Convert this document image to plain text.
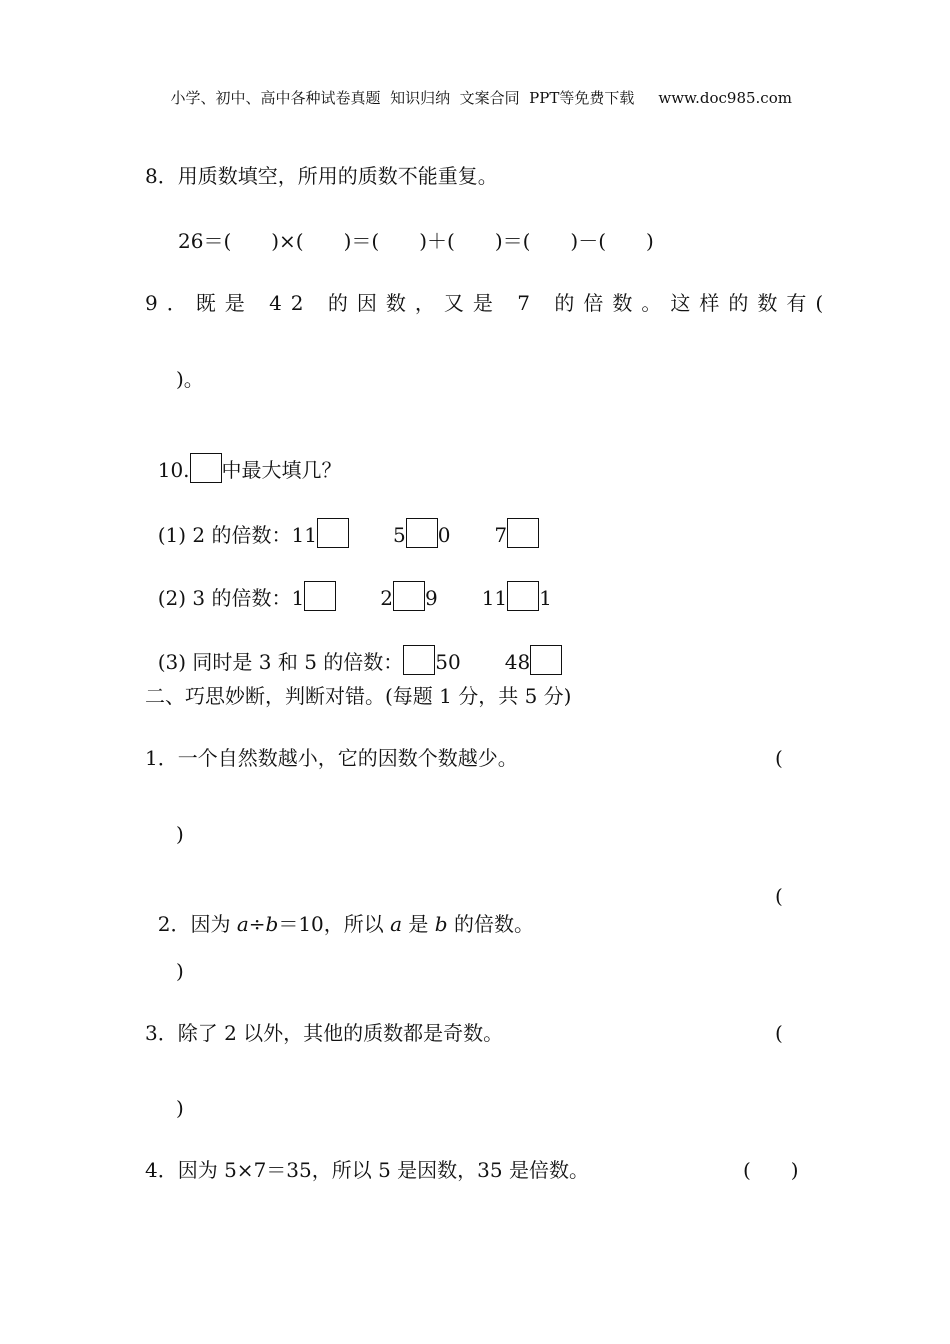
小学、初中、高中各种试卷真题  知识归纳  文案合同  PPT等免费下载 www.doc985.com

8．用质数填空，所用的质数不能重复。
26＝(　　)×(　　)＝(　　)＋(　　)＝(　　)－(　　)
9．既是 42 的因数，又是 7 的倍数。这样的数有(
)。

10. 中最大填几？

(1) 2 的倍数：11	5 0 7

(2) 3 的倍数：1	2 9 11 1

(3) 同时是 3 和 5 的倍数： 50 48

二、巧思妙断，判断对错。(每题 1 分，共 5 分)
1．一个自然数越小，它的因数个数越少。	(
)

2．因为 a÷b＝10，所以 a 是 b 的倍数。

(
)
3．除了 2 以外，其他的质数都是奇数。	(
)
4．因为 5×7＝35，所以 5 是因数，35 是倍数。	(　　)
